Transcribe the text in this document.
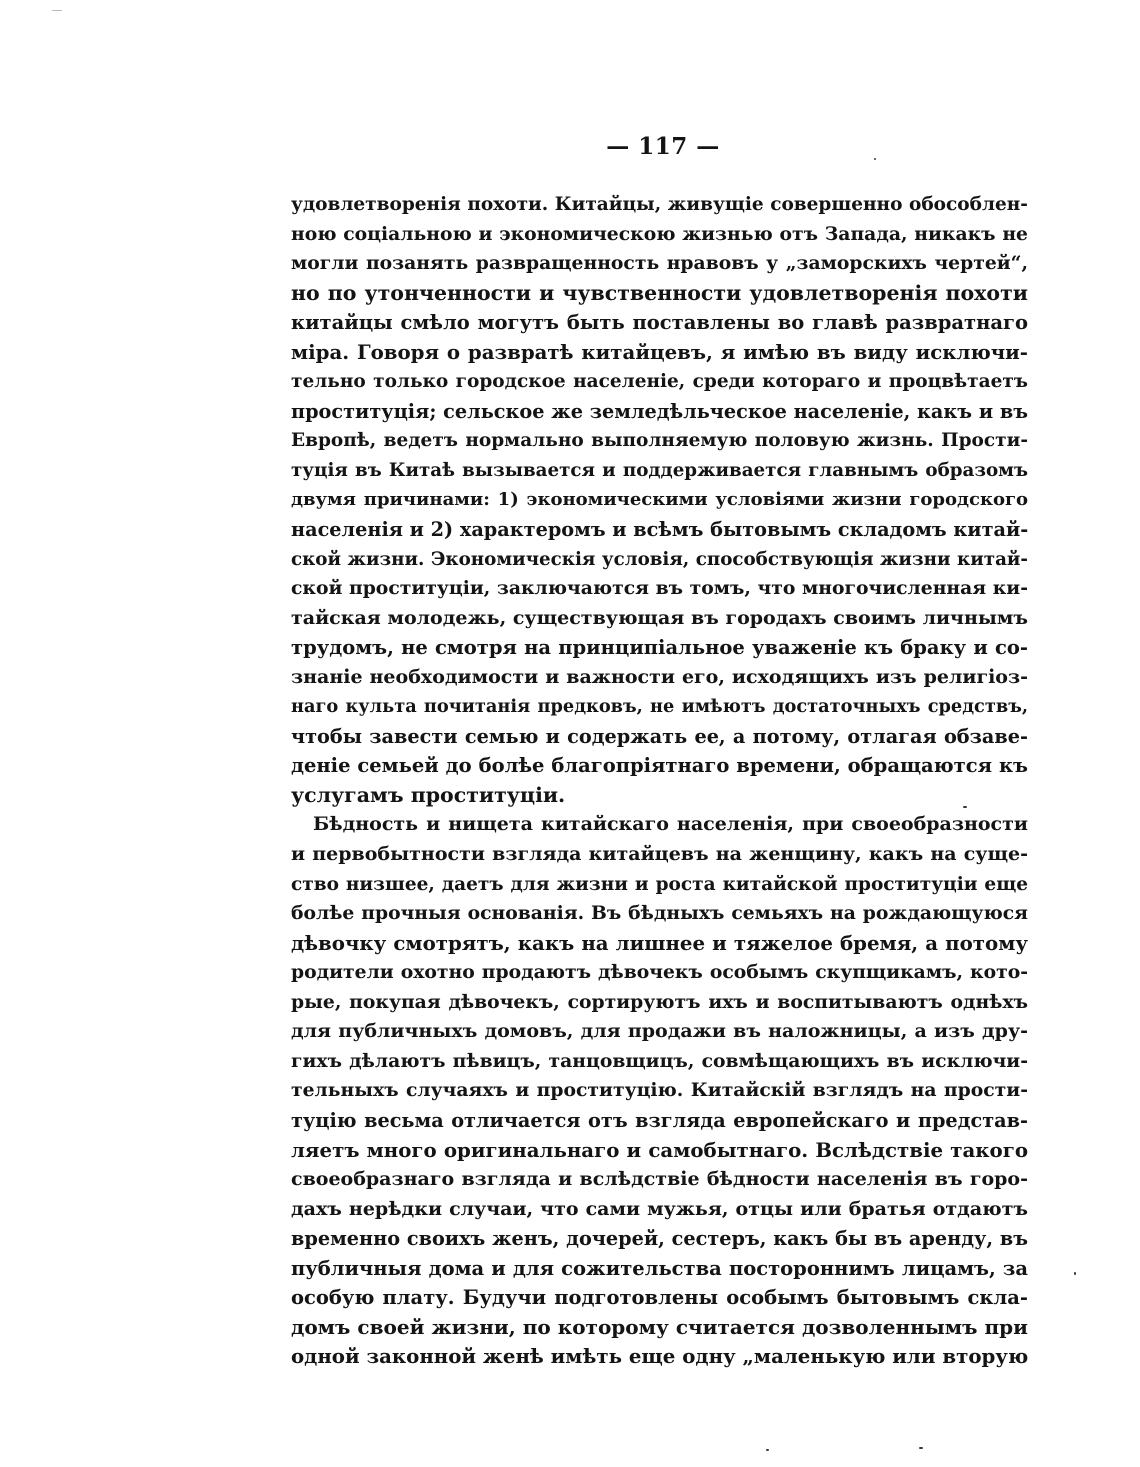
— 117 —
удовлетворенія похоти. Китайцы, живущіе совершенно обособлен-
ною соціальною и экономическою жизнью отъ Запада, никакъ не
могли позанять развращенность нравовъ у „заморскихъ чертей“,
но по утонченности и чувственности удовлетворенія похоти
китайцы смѣло могутъ быть поставлены во главѣ развратнаго
міра. Говоря о развратѣ китайцевъ, я имѣю въ виду исключи-
тельно только городское населеніе, среди котораго и процвѣтаетъ
проституція; сельское же земледѣльческое населеніе, какъ и въ
Европѣ, ведетъ нормально выполняемую половую жизнь. Прости-
туція въ Китаѣ вызывается и поддерживается главнымъ образомъ
двумя причинами: 1) экономическими условіями жизни городского
населенія и 2) характеромъ и всѣмъ бытовымъ складомъ китай-
ской жизни. Экономическія условія, способствующія жизни китай-
ской проституціи, заключаются въ томъ, что многочисленная ки-
тайская молодежь, существующая въ городахъ своимъ личнымъ
трудомъ, не смотря на принципіальное уваженіе къ браку и со-
знаніе необходимости и важности его, исходящихъ изъ религіоз-
наго культа почитанія предковъ, не имѣютъ достаточныхъ средствъ,
чтобы завести семью и содержать ее, а потому, отлагая обзаве-
деніе семьей до болѣе благопріятнаго времени, обращаются къ
услугамъ проституціи.
Бѣдность и нищета китайскаго населенія, при своеобразности
и первобытности взгляда китайцевъ на женщину, какъ на суще-
ство низшее, даетъ для жизни и роста китайской проституціи еще
болѣе прочныя основанія. Въ бѣдныхъ семьяхъ на рождающуюся
дѣвочку смотрятъ, какъ на лишнее и тяжелое бремя, а потому
родители охотно продаютъ дѣвочекъ особымъ скупщикамъ, кото-
рые, покупая дѣвочекъ, сортируютъ ихъ и воспитываютъ однѣхъ
для публичныхъ домовъ, для продажи въ наложницы, а изъ дру-
гихъ дѣлаютъ пѣвицъ, танцовщицъ, совмѣщающихъ въ исключи-
тельныхъ случаяхъ и проституцію. Китайскій взглядъ на прости-
туцію весьма отличается отъ взгляда европейскаго и представ-
ляетъ много оригинальнаго и самобытнаго. Вслѣдствіе такого
своеобразнаго взгляда и вслѣдствіе бѣдности населенія въ горо-
дахъ нерѣдки случаи, что сами мужья, отцы или братья отдаютъ
временно своихъ женъ, дочерей, сестеръ, какъ бы въ аренду, въ
публичныя дома и для сожительства постороннимъ лицамъ, за
особую плату. Будучи подготовлены особымъ бытовымъ скла-
домъ своей жизни, по которому считается дозволеннымъ при
одной законной женѣ имѣть еще одну „маленькую или вторую
